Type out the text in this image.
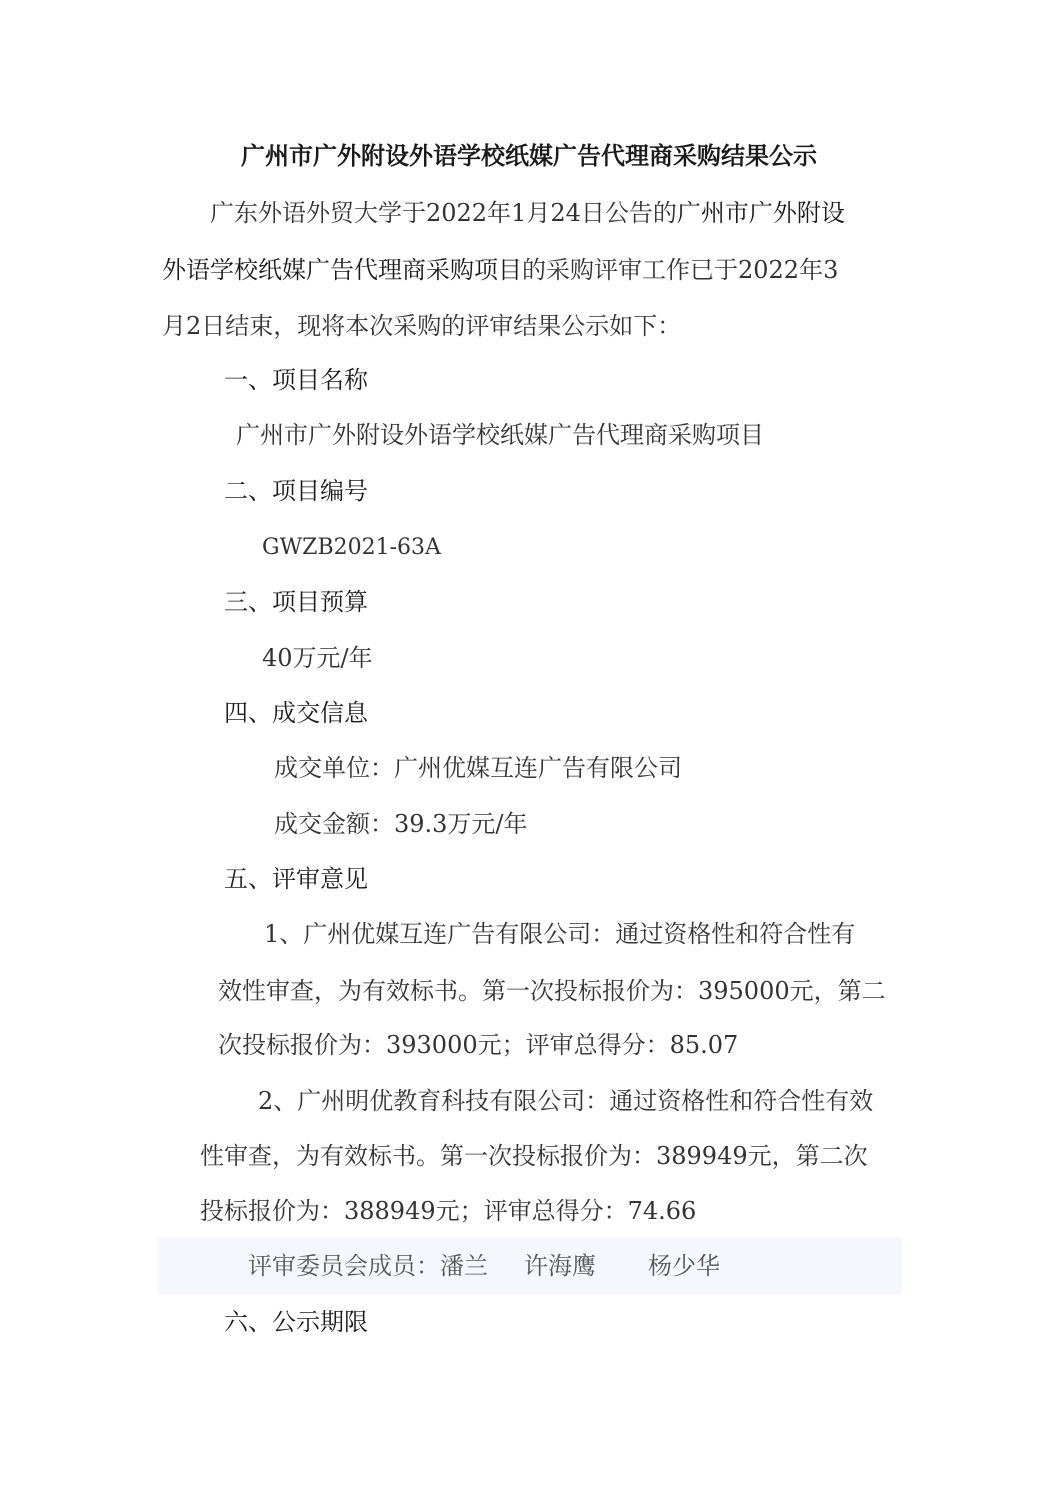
广州市广外附设外语学校纸媒广告代理商采购结果公示
广东外语外贸大学于2022年1月24日公告的广州市广外附设
外语学校纸媒广告代理商采购项目的采购评审工作已于2022年3
月2日结束，现将本次采购的评审结果公示如下：
一、项目名称
广州市广外附设外语学校纸媒广告代理商采购项目
二、项目编号
GWZB2021-63A
三、项目预算
40万元/年
四、成交信息
成交单位：广州优媒互连广告有限公司
成交金额：39.3万元/年
五、评审意见
1、广州优媒互连广告有限公司：通过资格性和符合性有
效性审查，为有效标书。第一次投标报价为：395000元，第二
次投标报价为：393000元；评审总得分：85.07
2、广州明优教育科技有限公司：通过资格性和符合性有效
性审查，为有效标书。第一次投标报价为：389949元，第二次
投标报价为：388949元；评审总得分：74.66
评审委员会成员：潘兰 许海鹰 杨少华
六、公示期限
